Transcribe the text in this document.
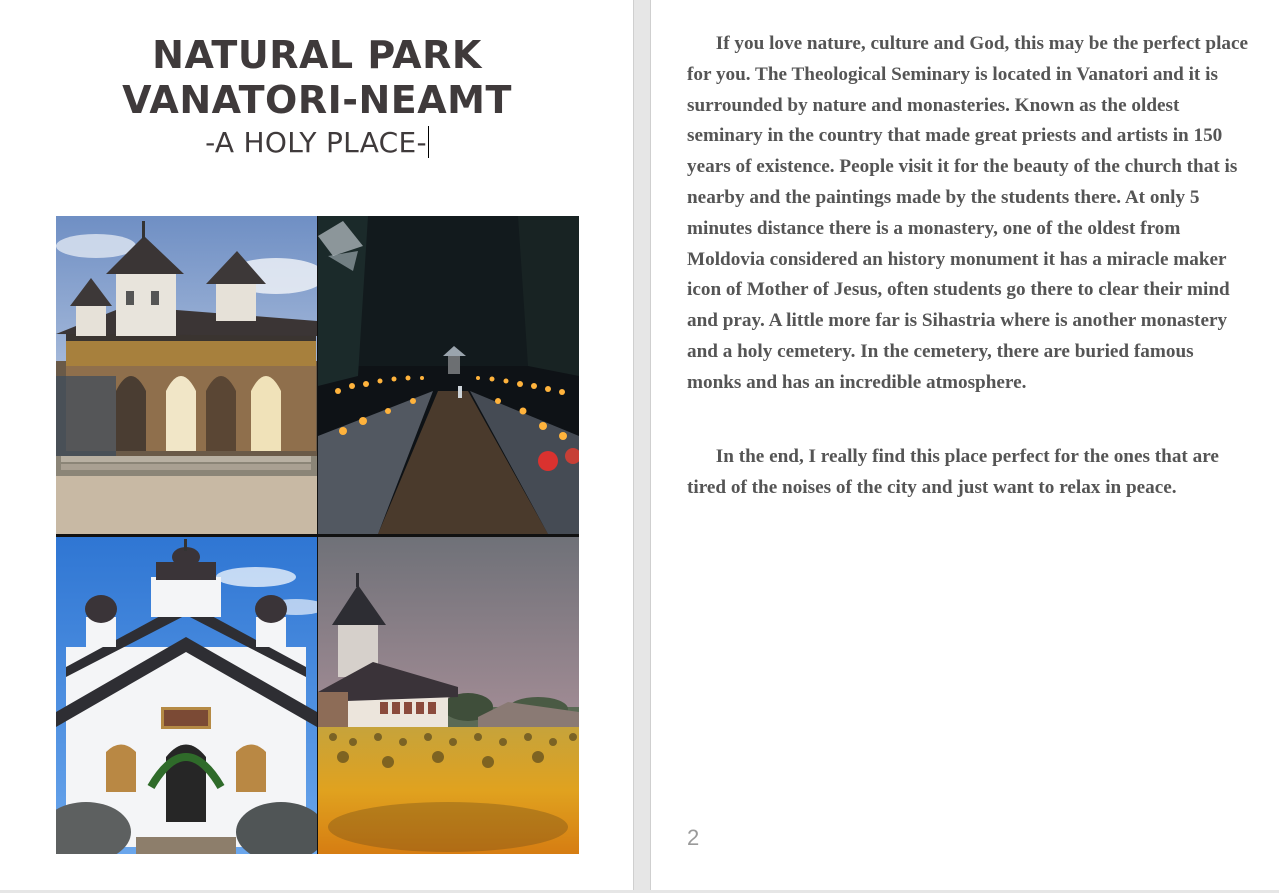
NATURAL PARK
VANATORI-NEAMT
-A HOLY PLACE-

  If you love nature, culture and God, this may be the perfect place for you. The Theological Seminary is located in Vanatori and it is surrounded by nature and monasteries. Known as the oldest seminary in the country that made great priests and artists in 150 years of existence. People visit it for the beauty of the church that is nearby and the paintings made by the students there. At only 5 minutes distance there is a monastery, one of the oldest from Moldovia considered an history monument it has a miracle maker icon of Mother of Jesus, often students go there to clear their mind and pray. A little more far is Sihastria where is another monastery and a holy cemetery. In the cemetery, there are buried famous monks and has an incredible atmosphere.

  In the end, I really find this place perfect for the ones that are tired of the noises of the city and just want to relax in peace.

2
